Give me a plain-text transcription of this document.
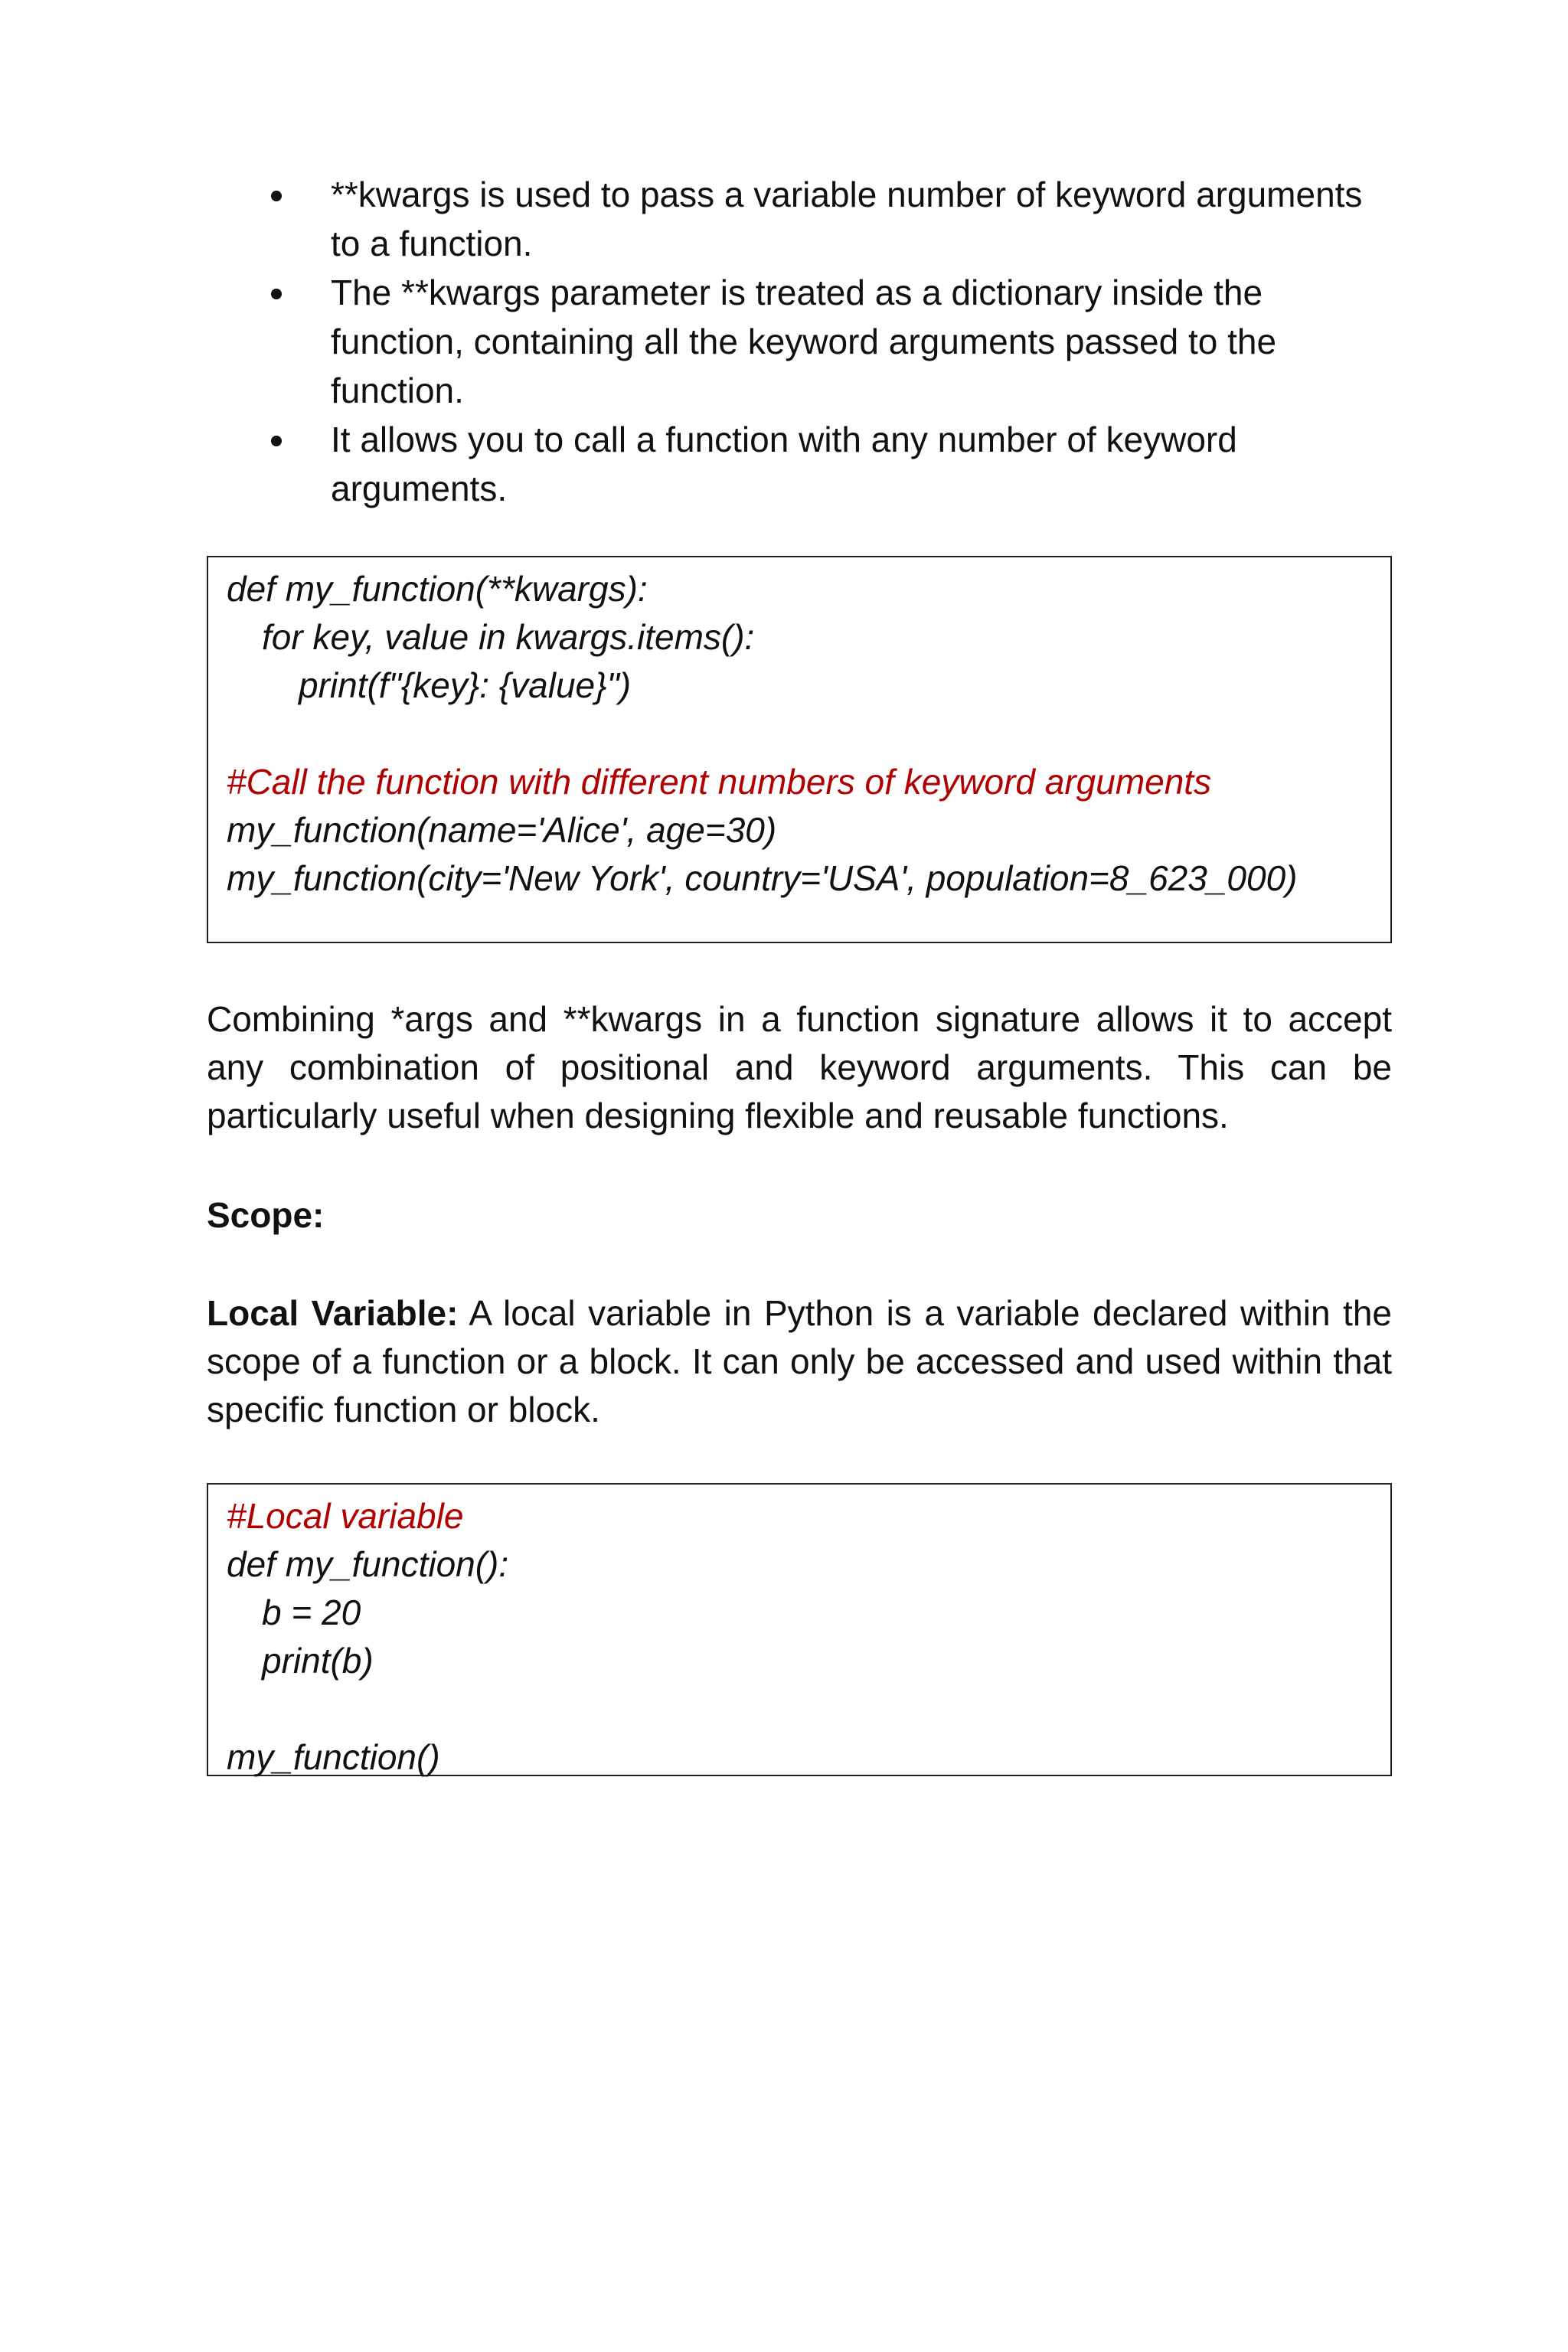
**kwargs is used to pass a variable number of keyword arguments to a function.
The **kwargs parameter is treated as a dictionary inside the function, containing all the keyword arguments passed to the function.
It allows you to call a function with any number of keyword arguments.
def my_function(**kwargs):
for key, value in kwargs.items():
print(f"{key}: {value}")
#Call the function with different numbers of keyword arguments
my_function(name='Alice', age=30)
my_function(city='New York', country='USA', population=8_623_000)
Combining *args and **kwargs in a function signature allows it to accept any combination of positional and keyword arguments. This can be particularly useful when designing flexible and reusable functions.
Scope:
Local Variable: A local variable in Python is a variable declared within the scope of a function or a block. It can only be accessed and used within that specific function or block.
#Local variable
def my_function():
b = 20
print(b)
my_function()
